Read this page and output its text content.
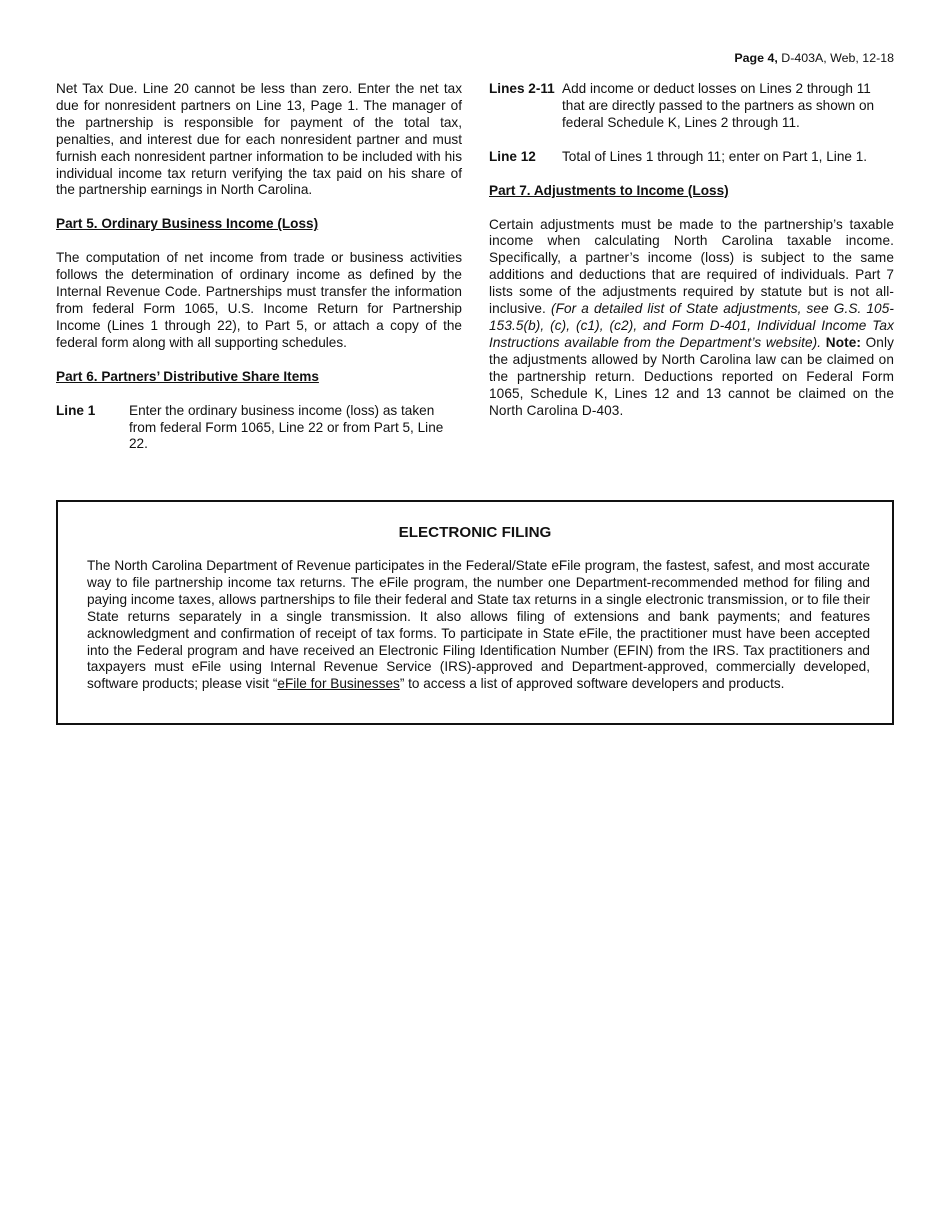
Page 4, D-403A, Web, 12-18

Net Tax Due. Line 20 cannot be less than zero. Enter the net tax due for nonresident partners on Line 13, Page 1. The manager of the partnership is responsible for payment of the total tax, penalties, and interest due for each nonresident partner and must furnish each nonresident partner information to be included with his individual income tax return verifying the tax paid on his share of the partnership earnings in North Carolina.

Part 5. Ordinary Business Income (Loss)

The computation of net income from trade or business activities follows the determination of ordinary income as defined by the Internal Revenue Code. Partnerships must transfer the information from federal Form 1065, U.S. Income Return for Partnership Income (Lines 1 through 22), to Part 5, or attach a copy of the federal form along with all supporting schedules.

Part 6. Partners’ Distributive Share Items

Line 1	Enter the ordinary business income (loss) as taken from federal Form 1065, Line 22 or from Part 5, Line 22.
Lines 2-11 Add income or deduct losses on Lines 2 through 11 that are directly passed to the partners as shown on federal Schedule K, Lines 2 through 11.
Line 12	Total of Lines 1 through 11; enter on Part 1, Line 1.

Part 7. Adjustments to Income (Loss)

Certain adjustments must be made to the partnership’s taxable income when calculating North Carolina taxable income. Specifically, a partner’s income (loss) is subject to the same additions and deductions that are required of individuals. Part 7 lists some of the adjustments required by statute but is not all-inclusive. (For a detailed list of State adjustments, see G.S. 105-153.5(b), (c), (c1), (c2), and Form D-401, Individual Income Tax Instructions available from the Department’s website). Note: Only the adjustments allowed by North Carolina law can be claimed on the partnership return. Deductions reported on Federal Form 1065, Schedule K, Lines 12 and 13 cannot be claimed on the North Carolina D-403.

ELECTRONIC FILING

The North Carolina Department of Revenue participates in the Federal/State eFile program, the fastest, safest, and most accurate way to file partnership income tax returns. The eFile program, the number one Department-recommended method for filing and paying income taxes, allows partnerships to file their federal and State tax returns in a single electronic transmission, or to file their State returns separately in a single transmission. It also allows filing of extensions and bank payments; and features acknowledgment and confirmation of receipt of tax forms. To participate in State eFile, the practitioner must have been accepted into the Federal program and have received an Electronic Filing Identification Number (EFIN) from the IRS. Tax practitioners and taxpayers must eFile using Internal Revenue Service (IRS)-approved and Department-approved, commercially developed, software products; please visit “eFile for Businesses” to access a list of approved software developers and products.
